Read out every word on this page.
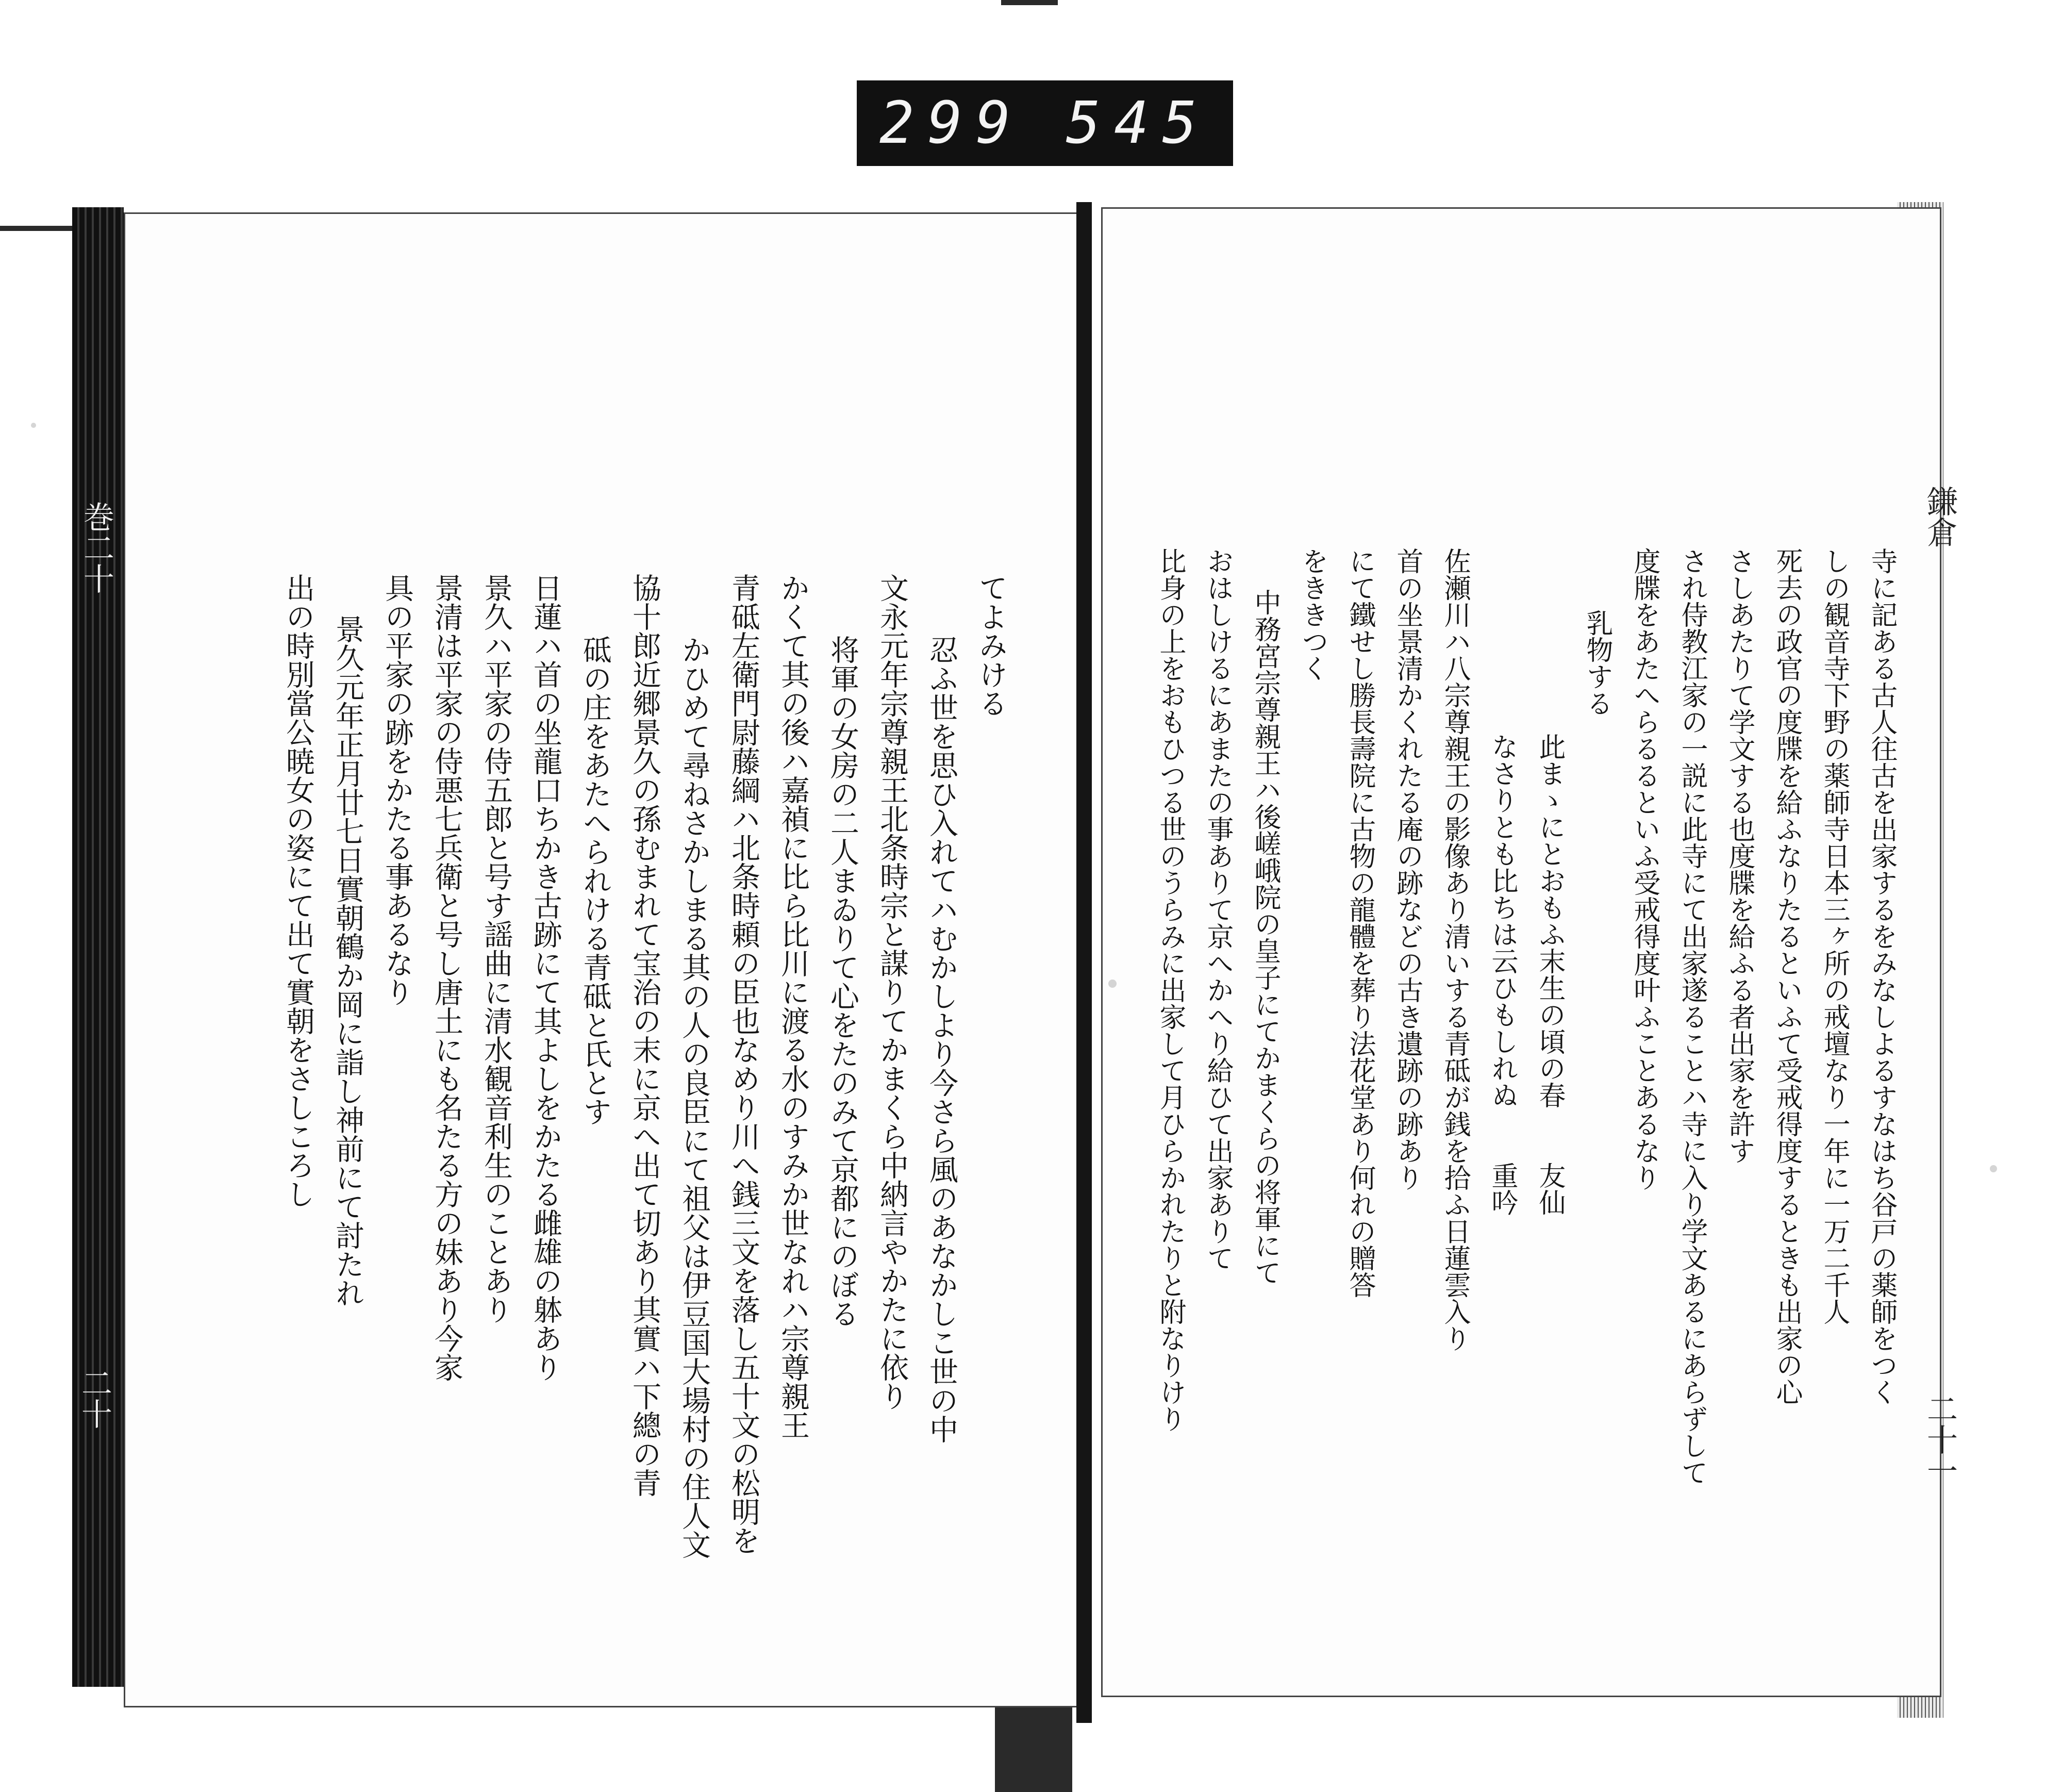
299 545
巻二十
二十
てよみける
忍ふ世を思ひ入れてハむかしより今さら風のあなかしこ世の中
文永元年宗尊親王北条時宗と謀りてかまくら中納言やかたに依り
将軍の女房の二人まゐりて心をたのみて京都にのぼる
かくて其の後ハ嘉禎に比ら比川に渡る水のすみか世なれハ宗尊親王
青砥左衛門尉藤綱ハ北条時頼の臣也なめり川へ銭三文を落し五十文の松明を
かひめて尋ねさかしまる其の人の良臣にて祖父は伊豆国大場村の住人文
協十郎近郷景久の孫むまれて宝治の末に京へ出て切あり其實ハ下總の青
砥の庄をあたへられける青砥と氏とす
日蓮ハ首の坐龍口ちかき古跡にて其よしをかたる雌雄の躰あり
景久ハ平家の侍五郎と号す謡曲に清水観音利生のことあり
景清は平家の侍悪七兵衛と号し唐土にも名たる方の妹あり今家
具の平家の跡をかたる事あるなり
景久元年正月廿七日實朝鶴か岡に詣し神前にて討たれ
出の時別當公暁女の姿にて出て實朝をさしころし
鎌倉
二十一
寺に記ある古人往古を出家するをみなしよるすなはち谷戸の薬師をつく
しの観音寺下野の薬師寺日本三ヶ所の戒壇なり一年に一万二千人
死去の政官の度牒を給ふなりたるといふて受戒得度するときも出家の心
さしあたりて学文する也度牒を給ふる者出家を許す
され侍教江家の一説に此寺にて出家遂ることハ寺に入り学文あるにあらずして
度牒をあたへらるるといふ受戒得度叶ふことあるなり
乳物する
此まゝにとおもふ末生の頃の春　　友仙
なさりとも比ちは云ひもしれぬ　　重吟
佐瀬川ハ八宗尊親王の影像あり清いする青砥が銭を拾ふ日蓮雲入り
首の坐景清かくれたる庵の跡などの古き遺跡の跡あり
にて鐵せし勝長壽院に古物の龍體を葬り法花堂あり何れの贈答
をききつく
中務宮宗尊親王ハ後嵯峨院の皇子にてかまくらの将軍にて
おはしけるにあまたの事ありて京へかへり給ひて出家ありて
比身の上をおもひつる世のうらみに出家して月ひらかれたりと附なりけり
